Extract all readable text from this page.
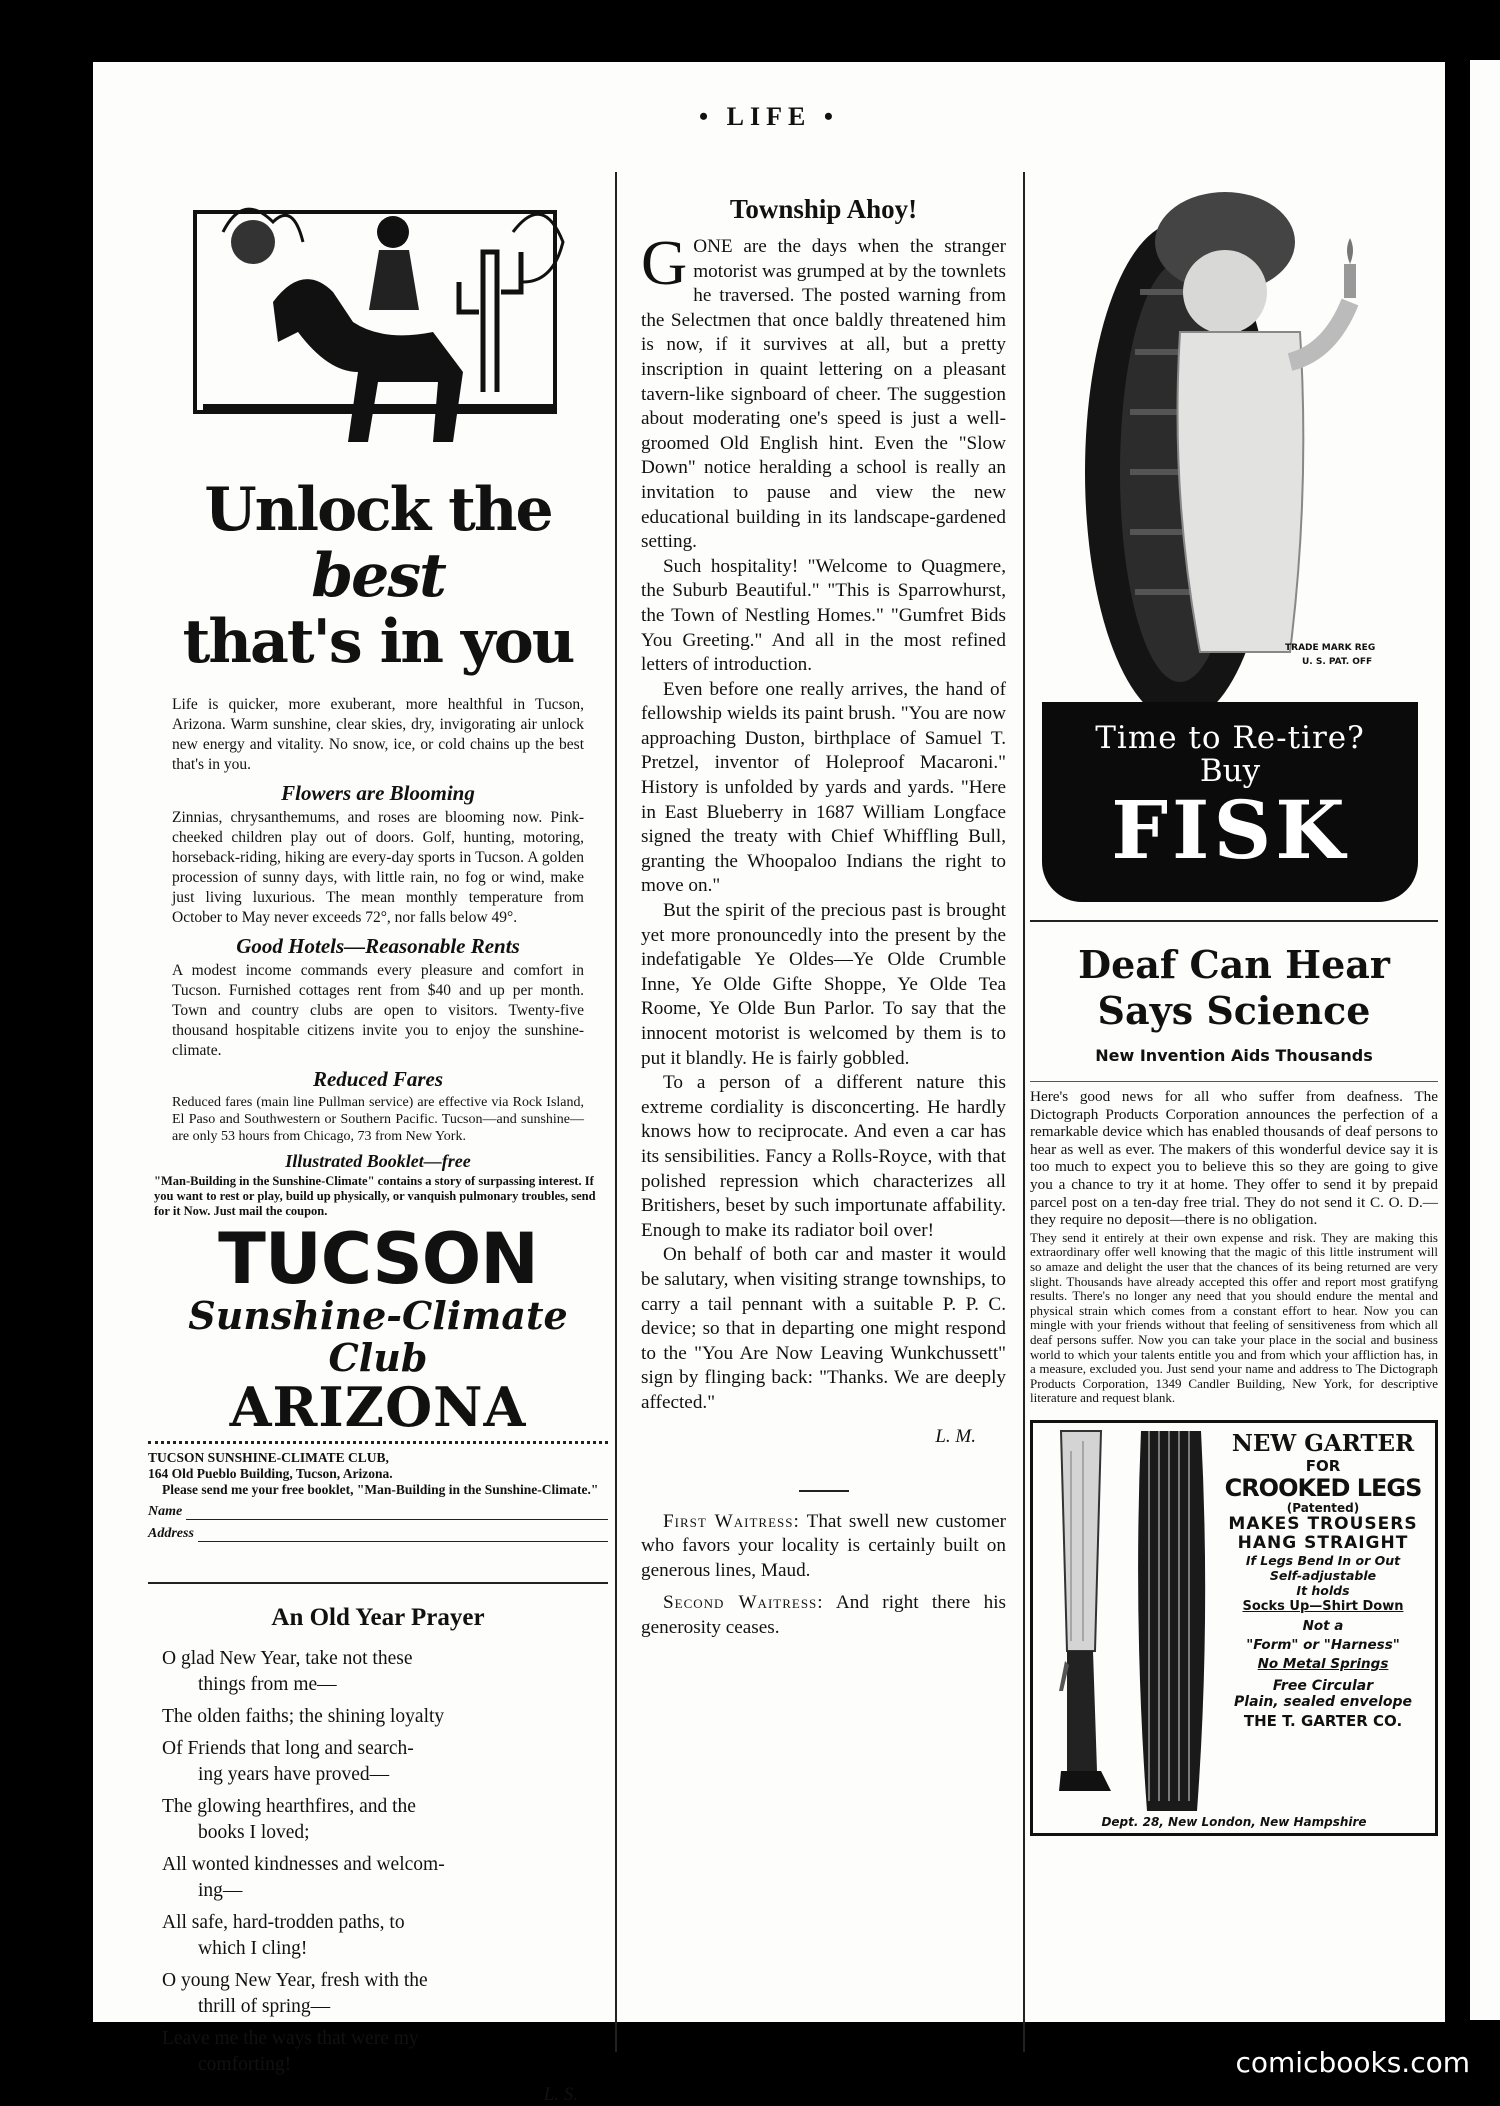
• LIFE •
Unlock the best
that's in you

Life is quicker, more exuberant, more healthful in Tucson, Arizona. Warm sunshine, clear skies, dry, invigorating air unlock new energy and vitality. No snow, ice, or cold chains up the best that's in you.

Flowers are Blooming

Zinnias, chrysanthemums, and roses are blooming now. Pink-cheeked children play out of doors. Golf, hunting, motoring, horseback-riding, hiking are every-day sports in Tucson. A golden procession of sunny days, with little rain, no fog or wind, make just living luxurious. The mean monthly temperature from October to May never exceeds 72°, nor falls below 49°.

Good Hotels—Reasonable Rents

A modest income commands every pleasure and comfort in Tucson. Furnished cottages rent from $40 and up per month. Town and country clubs are open to visitors. Twenty-five thousand hospitable citizens invite you to enjoy the sunshine-climate.

Reduced Fares

Reduced fares (main line Pullman service) are effective via Rock Island, El Paso and Southwestern or Southern Pacific. Tucson—and sunshine—are only 53 hours from Chicago, 73 from New York.

Illustrated Booklet—free

"Man-Building in the Sunshine-Climate" contains a story of surpassing interest. If you want to rest or play, build up physically, or vanquish pulmonary troubles, send for it Now. Just mail the coupon.

TUCSON
Sunshine-Climate Club
ARIZONA
TUCSON SUNSHINE-CLIMATE CLUB,
164 Old Pueblo Building, Tucson, Arizona.
Please send me your free booklet, "Man-Building in the Sunshine-Climate."
Name
Address
An Old Year Prayer
O glad New Year, take not these
things from me—
The olden faiths; the shining loyalty
Of Friends that long and search-
ing years have proved—
The glowing hearthfires, and the
books I loved;
All wonted kindnesses and welcom-
ing—
All safe, hard-trodden paths, to
which I cling!
O young New Year, fresh with the
thrill of spring—
Leave me the ways that were my
comforting!
L. S.
Township Ahoy!

GONE are the days when the stranger motorist was grumped at by the townlets he traversed. The posted warning from the Selectmen that once baldly threatened him is now, if it survives at all, but a pretty inscription in quaint lettering on a pleasant tavern-like signboard of cheer. The suggestion about moderating one's speed is just a well-groomed Old English hint. Even the "Slow Down" notice heralding a school is really an invitation to pause and view the new educational building in its landscape-gardened setting.

Such hospitality! "Welcome to Quagmere, the Suburb Beautiful." "This is Sparrowhurst, the Town of Nestling Homes." "Gumfret Bids You Greeting." And all in the most refined letters of introduction.

Even before one really arrives, the hand of fellowship wields its paint brush. "You are now approaching Duston, birthplace of Samuel T. Pretzel, inventor of Holeproof Macaroni." History is unfolded by yards and yards. "Here in East Blueberry in 1687 William Longface signed the treaty with Chief Whiffling Bull, granting the Whoopaloo Indians the right to move on."

But the spirit of the precious past is brought yet more pronouncedly into the present by the indefatigable Ye Oldes—Ye Olde Crumble Inne, Ye Olde Gifte Shoppe, Ye Olde Tea Roome, Ye Olde Bun Parlor. To say that the innocent motorist is welcomed by them is to put it blandly. He is fairly gobbled.

To a person of a different nature this extreme cordiality is disconcerting. He hardly knows how to reciprocate. And even a car has its sensibilities. Fancy a Rolls-Royce, with that polished repression which characterizes all Britishers, beset by such importunate affability. Enough to make its radiator boil over!

On behalf of both car and master it would be salutary, when visiting strange townships, to carry a tail pennant with a suitable P. P. C. device; so that in departing one might respond to the "You Are Now Leaving Wunkchussett" sign by flinging back: "Thanks. We are deeply affected."

L. M.

First Waitress: That swell new customer who favors your locality is certainly built on generous lines, Maud.

Second Waitress: And right there his generosity ceases.

TRADE MARK REG
U. S. PAT. OFF
Time to Re-tire?
Buy
FISK
Deaf Can Hear
Says Science
New Invention Aids Thousands

Here's good news for all who suffer from deafness. The Dictograph Products Corporation announces the perfection of a remarkable device which has enabled thousands of deaf persons to hear as well as ever. The makers of this wonderful device say it is too much to expect you to believe this so they are going to give you a chance to try it at home. They offer to send it by prepaid parcel post on a ten-day free trial. They do not send it C. O. D.—they require no deposit—there is no obligation.

They send it entirely at their own expense and risk. They are making this extraordinary offer well knowing that the magic of this little instrument will so amaze and delight the user that the chances of its being returned are very slight. Thousands have already accepted this offer and report most gratifyng results. There's no longer any need that you should endure the mental and physical strain which comes from a constant effort to hear. Now you can mingle with your friends without that feeling of sensitiveness from which all deaf persons suffer. Now you can take your place in the social and business world to which your talents entitle you and from which your affliction has, in a measure, excluded you. Just send your name and address to The Dictograph Products Corporation, 1349 Candler Building, New York, for descriptive literature and request blank.

NEW GARTER
FOR
CROOKED LEGS
(Patented)
MAKES TROUSERS
HANG STRAIGHT
If Legs Bend In or Out
Self-adjustable
It holds
Socks Up—Shirt Down
Not a
"Form" or "Harness"
No Metal Springs
Free Circular
Plain, sealed envelope
THE T. GARTER CO.
Dept. 28, New London, New Hampshire
comicbooks.com
